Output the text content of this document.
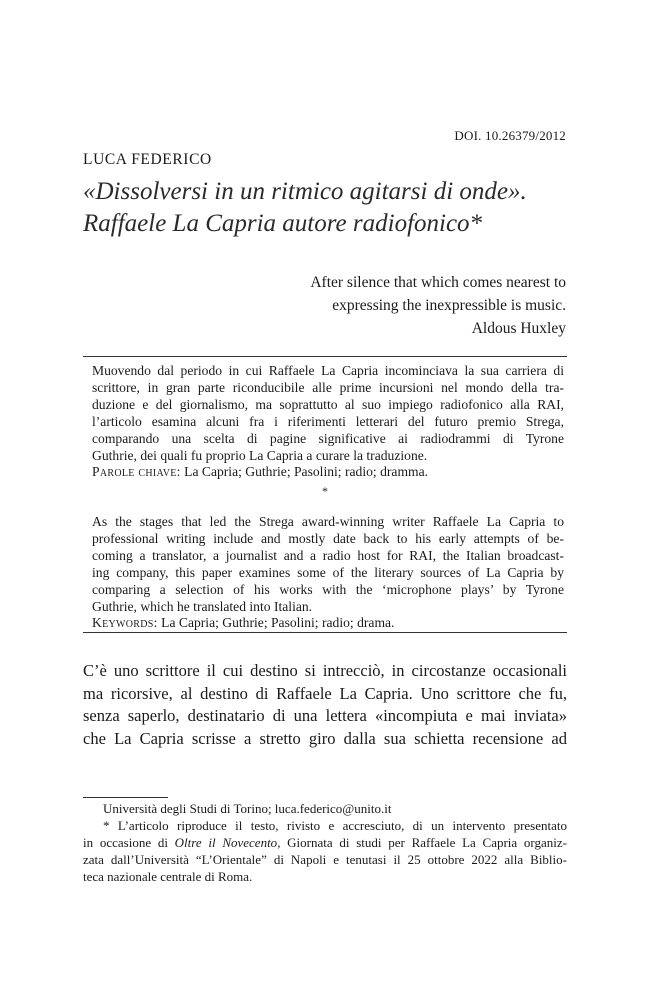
DOI. 10.26379/2012
LUCA FEDERICO
«Dissolversi in un ritmico agitarsi di onde».
Raffaele La Capria autore radiofonico*
After silence that which comes nearest to
expressing the inexpressible is music.
Aldous Huxley
Muovendo dal periodo in cui Raffaele La Capria incominciava la sua carriera di
scrittore, in gran parte riconducibile alle prime incursioni nel mondo della tra-
duzione e del giornalismo, ma soprattutto al suo impiego radiofonico alla RAI,
l’articolo esamina alcuni fra i riferimenti letterari del futuro premio Strega,
comparando una scelta di pagine significative ai radiodrammi di Tyrone
Guthrie, dei quali fu proprio La Capria a curare la traduzione.
Parole chiave: La Capria; Guthrie; Pasolini; radio; dramma.
*
As the stages that led the Strega award-winning writer Raffaele La Capria to
professional writing include and mostly date back to his early attempts of be-
coming a translator, a journalist and a radio host for RAI, the Italian broadcast-
ing company, this paper examines some of the literary sources of La Capria by
comparing a selection of his works with the ‘microphone plays’ by Tyrone
Guthrie, which he translated into Italian.
Keywords: La Capria; Guthrie; Pasolini; radio; drama.
C’è uno scrittore il cui destino si intrecciò, in circostanze occasionali
ma ricorsive, al destino di Raffaele La Capria. Uno scrittore che fu,
senza saperlo, destinatario di una lettera «incompiuta e mai inviata»
che La Capria scrisse a stretto giro dalla sua schietta recensione ad
Università degli Studi di Torino; luca.federico@unito.it
* L’articolo riproduce il testo, rivisto e accresciuto, di un intervento presentato
in occasione di Oltre il Novecento, Giornata di studi per Raffaele La Capria organiz-
zata dall’Università “L’Orientale” di Napoli e tenutasi il 25 ottobre 2022 alla Biblio-
teca nazionale centrale di Roma.
